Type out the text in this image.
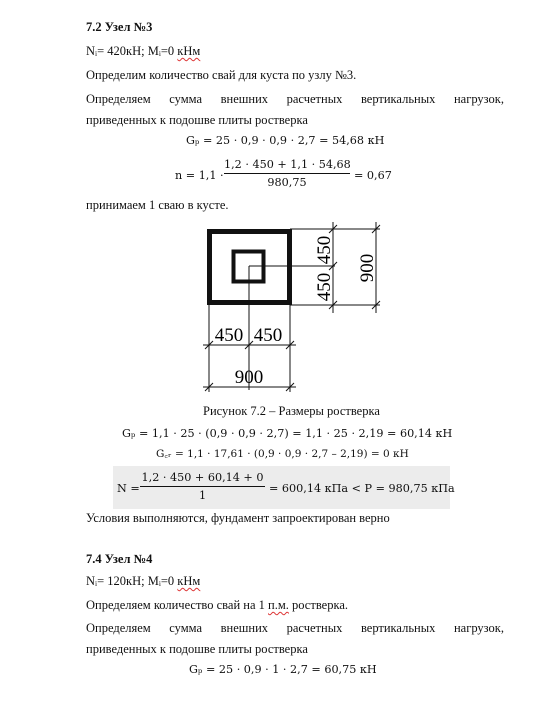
7.2 Узел №3
Nᵢ= 420кН; Mᵢ=0 кНм
Определим количество свай для куста по узлу №3.
Определяем сумма внешних расчетных вертикальных нагрузок,
приведенных к подошве плиты ростверка
Gₚ = 25 · 0,9 · 0,9 · 2,7 = 54,68 кН
n = 1,1 ·
1,2 · 450 + 1,1 · 54,68
980,75
= 0,67
принимаем 1 сваю в кусте.
450
450
900
450 450
900
Рисунок 7.2 – Размеры ростверка
Gₚ = 1,1 · 25 · (0,9 · 0,9 · 2,7) = 1,1 · 25 · 2,19 = 60,14 кН
G꜀ᵣ = 1,1 · 17,61 · (0,9 · 0,9 · 2,7 – 2,19) = 0 кН
N =
1,2 · 450 + 60,14 + 0
1
= 600,14 кПа < P = 980,75 кПа
Условия выполняются, фундамент запроектирован верно
7.4 Узел №4
Nᵢ= 120кН; Mᵢ=0 кНм
Определяем количество свай на 1 п.м. ростверка.
Определяем сумма внешних расчетных вертикальных нагрузок,
приведенных к подошве плиты ростверка
Gₚ = 25 · 0,9 · 1 · 2,7 = 60,75 кН
